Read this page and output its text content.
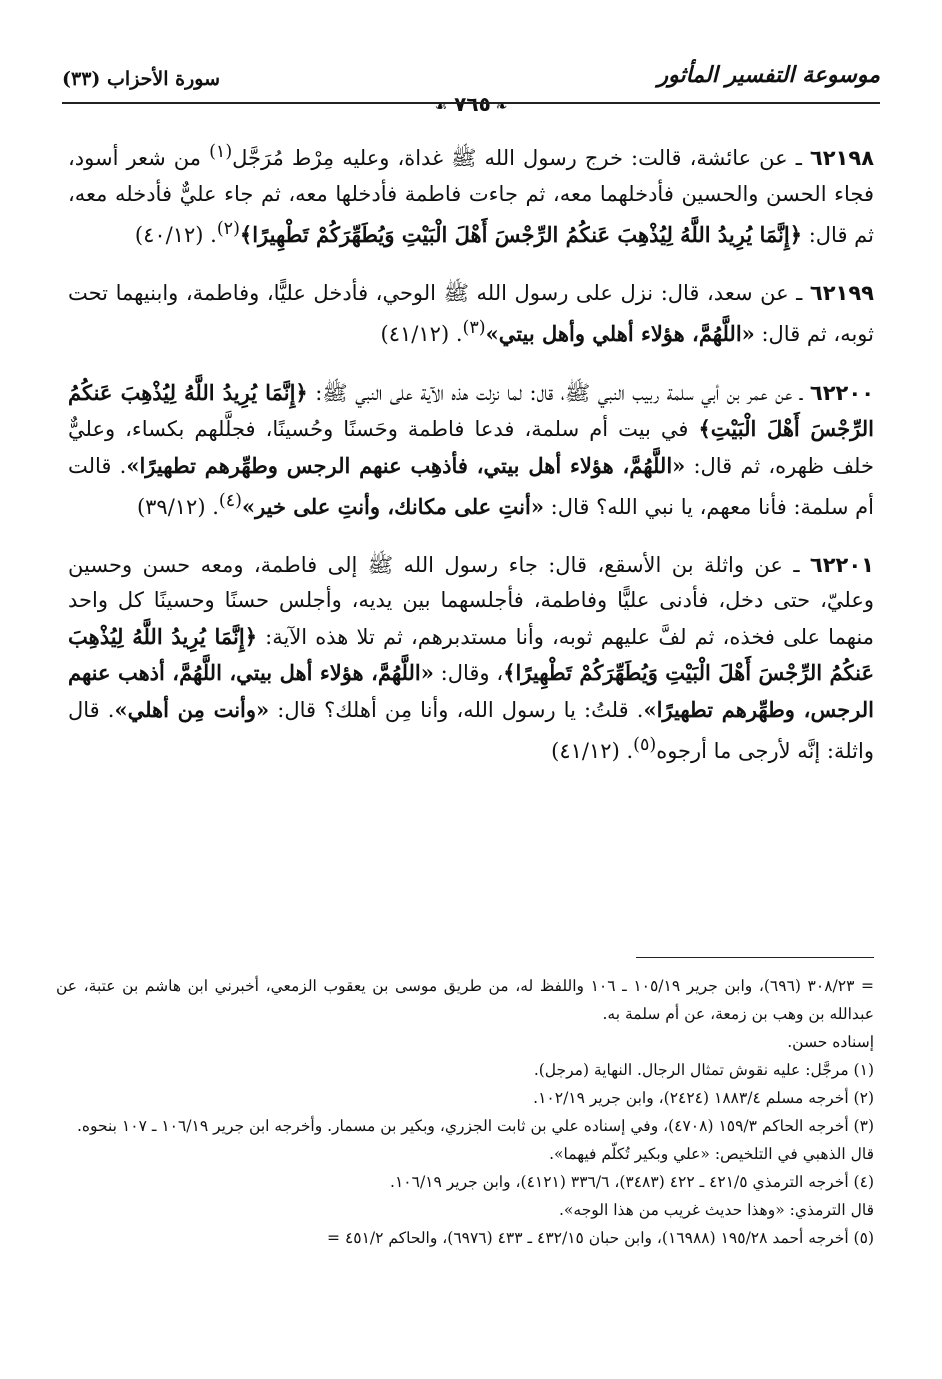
موسوعة التفسير المأثور
❧ ٧٦٥ ☙
سورة الأحزاب (٣٣)

٦٢١٩٨ ـ عن عائشة، قالت: خرج رسول الله ﷺ غداة، وعليه مِرْط مُرَجَّل$^{(١)}$ من شعر أسود، فجاء الحسن والحسين فأدخلهما معه، ثم جاءت فاطمة فأدخلها معه، ثم جاء عليٌّ فأدخله معه، ثم قال: ﴿إِنَّمَا يُرِيدُ اللَّهُ لِيُذْهِبَ عَنكُمُ الرِّجْسَ أَهْلَ الْبَيْتِ وَيُطَهِّرَكُمْ تَطْهِيرًا﴾$^{(٢)}$. (٤٠/١٢)

٦٢١٩٩ ـ عن سعد، قال: نزل على رسول الله ﷺ الوحي، فأدخل عليًّا، وفاطمة، وابنيهما تحت ثوبه، ثم قال: «اللَّهُمَّ، هؤلاء أهلي وأهل بيتي»$^{(٣)}$. (٤١/١٢)

٦٢٢٠٠ ـ عن عمر بن أبي سلمة ربيب النبي ﷺ، قال: لما نزلت هذه الآية على النبي ﷺ: ﴿إِنَّمَا يُرِيدُ اللَّهُ لِيُذْهِبَ عَنكُمُ الرِّجْسَ أَهْلَ الْبَيْتِ﴾ في بيت أم سلمة، فدعا فاطمة وحَسنًا وحُسينًا، فجلَّلهم بكساء، وعليٌّ خلف ظهره، ثم قال: «اللَّهُمَّ، هؤلاء أهل بيتي، فأذهِب عنهم الرجس وطهِّرهم تطهيرًا». قالت أم سلمة: فأنا معهم، يا نبي الله؟ قال: «أنتِ على مكانك، وأنتِ على خير»$^{(٤)}$. (٣٩/١٢)

٦٢٢٠١ ـ عن واثلة بن الأسقع، قال: جاء رسول الله ﷺ إلى فاطمة، ومعه حسن وحسين وعليّ، حتى دخل، فأدنى عليًّا وفاطمة، فأجلسهما بين يديه، وأجلس حسنًا وحسينًا كل واحد منهما على فخذه، ثم لفَّ عليهم ثوبه، وأنا مستدبرهم، ثم تلا هذه الآية: ﴿إِنَّمَا يُرِيدُ اللَّهُ لِيُذْهِبَ عَنكُمُ الرِّجْسَ أَهْلَ الْبَيْتِ وَيُطَهِّرَكُمْ تَطْهِيرًا﴾، وقال: «اللَّهُمَّ، هؤلاء أهل بيتي، اللَّهُمَّ، أذهب عنهم الرجس، وطهِّرهم تطهيرًا». قلتُ: يا رسول الله، وأنا مِن أهلك؟ قال: «وأنت مِن أهلي». قال واثلة: إنَّه لأرجى ما أرجوه$^{(٥)}$. (٤١/١٢)

= ٣٠٨/٢٣ (٦٩٦)، وابن جرير ١٠٥/١٩ ـ ١٠٦ واللفظ له، من طريق موسى بن يعقوب الزمعي، أخبرني ابن هاشم بن عتبة، عن عبدالله بن وهب بن زمعة، عن أم سلمة به.

إسناده حسن.

(١) مرجَّل: عليه نقوش تمثال الرجال. النهاية (مرجل).

(٢) أخرجه مسلم ١٨٨٣/٤ (٢٤٢٤)، وابن جرير ١٠٢/١٩.

(٣) أخرجه الحاكم ١٥٩/٣ (٤٧٠٨)، وفي إسناده علي بن ثابت الجزري، وبكير بن مسمار. وأخرجه ابن جرير ١٠٦/١٩ ـ ١٠٧ بنحوه.

قال الذهبي في التلخيص: «علي وبكير تُكلّم فيهما».

(٤) أخرجه الترمذي ٤٢١/٥ ـ ٤٢٢ (٣٤٨٣)، ٣٣٦/٦ (٤١٢١)، وابن جرير ١٠٦/١٩.

قال الترمذي: «وهذا حديث غريب من هذا الوجه».

(٥) أخرجه أحمد ١٩٥/٢٨ (١٦٩٨٨)، وابن حبان ٤٣٢/١٥ ـ ٤٣٣ (٦٩٧٦)، والحاكم ٤٥١/٢ =
